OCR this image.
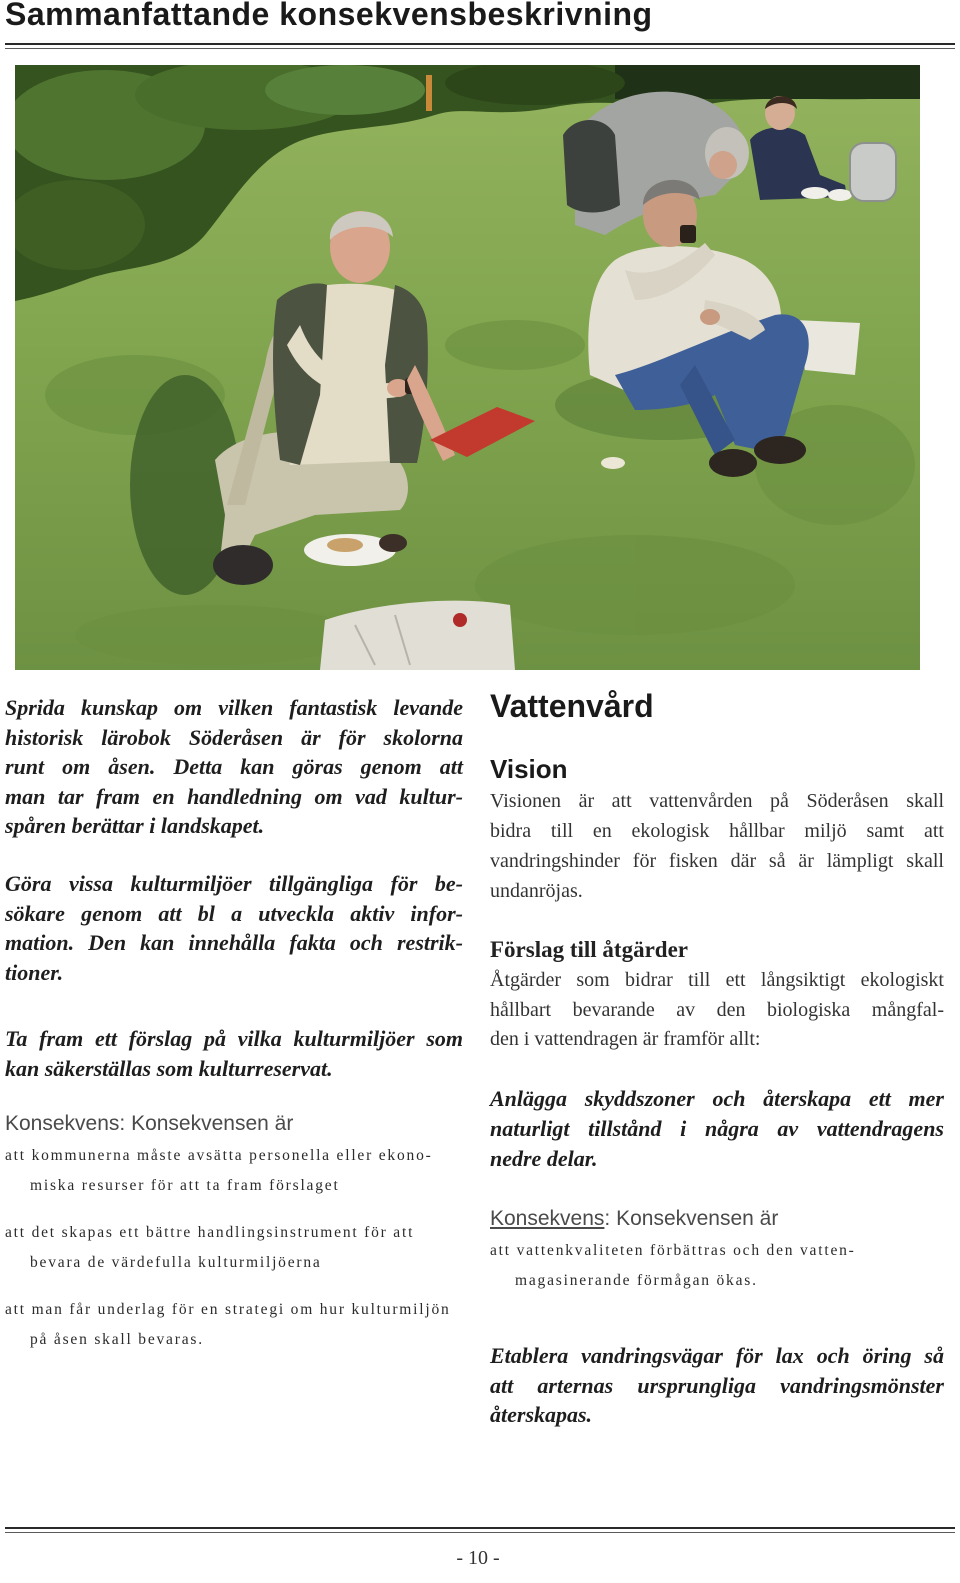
Sammanfattande konsekvensbeskrivning
Sprida kunskap om vilken fantastisk levande
historisk lärobok Söderåsen är för skolorna
runt om åsen. Detta kan göras genom att
man tar fram en handledning om vad kultur-
spåren berättar i landskapet.
Göra vissa kulturmiljöer tillgängliga för be-
sökare genom att bl a utveckla aktiv infor-
mation. Den kan innehålla fakta och restrik-
tioner.
Ta fram ett förslag på vilka kulturmiljöer som
kan säkerställas som kulturreservat.
Konsekvens: Konsekvensen är
att kommunerna måste avsätta personella eller ekono-
miska resurser för att ta fram förslaget
att det skapas ett bättre handlingsinstrument för att
bevara de värdefulla kulturmiljöerna
att man får underlag för en strategi om hur kulturmiljön
på åsen skall bevaras.
Vattenvård
Vision
Visionen är att vattenvården på Söderåsen skall
bidra till en ekologisk hållbar miljö samt att
vandringshinder för fisken där så är lämpligt skall
undanröjas.
Förslag till åtgärder
Åtgärder som bidrar till ett långsiktigt ekologiskt
hållbart bevarande av den biologiska mångfal-
den i vattendragen är framför allt:
Anlägga skyddszoner och återskapa ett mer
naturligt tillstånd i några av vattendragens
nedre delar.
Konsekvens: Konsekvensen är
att vattenkvaliteten förbättras och den vatten-
magasinerande förmågan ökas.
Etablera vandringsvägar för lax och öring så
att arternas ursprungliga vandringsmönster
återskapas.
- 10 -
